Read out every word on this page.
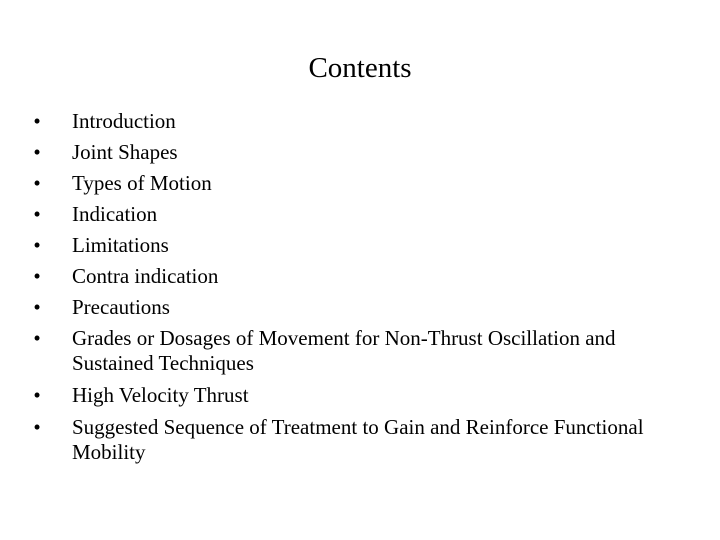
Contents
• Introduction
• Joint Shapes
• Types of Motion
• Indication
• Limitations
• Contra indication
• Precautions
• Grades or Dosages of Movement for Non-Thrust Oscillation and Sustained Techniques
• High Velocity Thrust
• Suggested Sequence of Treatment to Gain and Reinforce Functional Mobility
